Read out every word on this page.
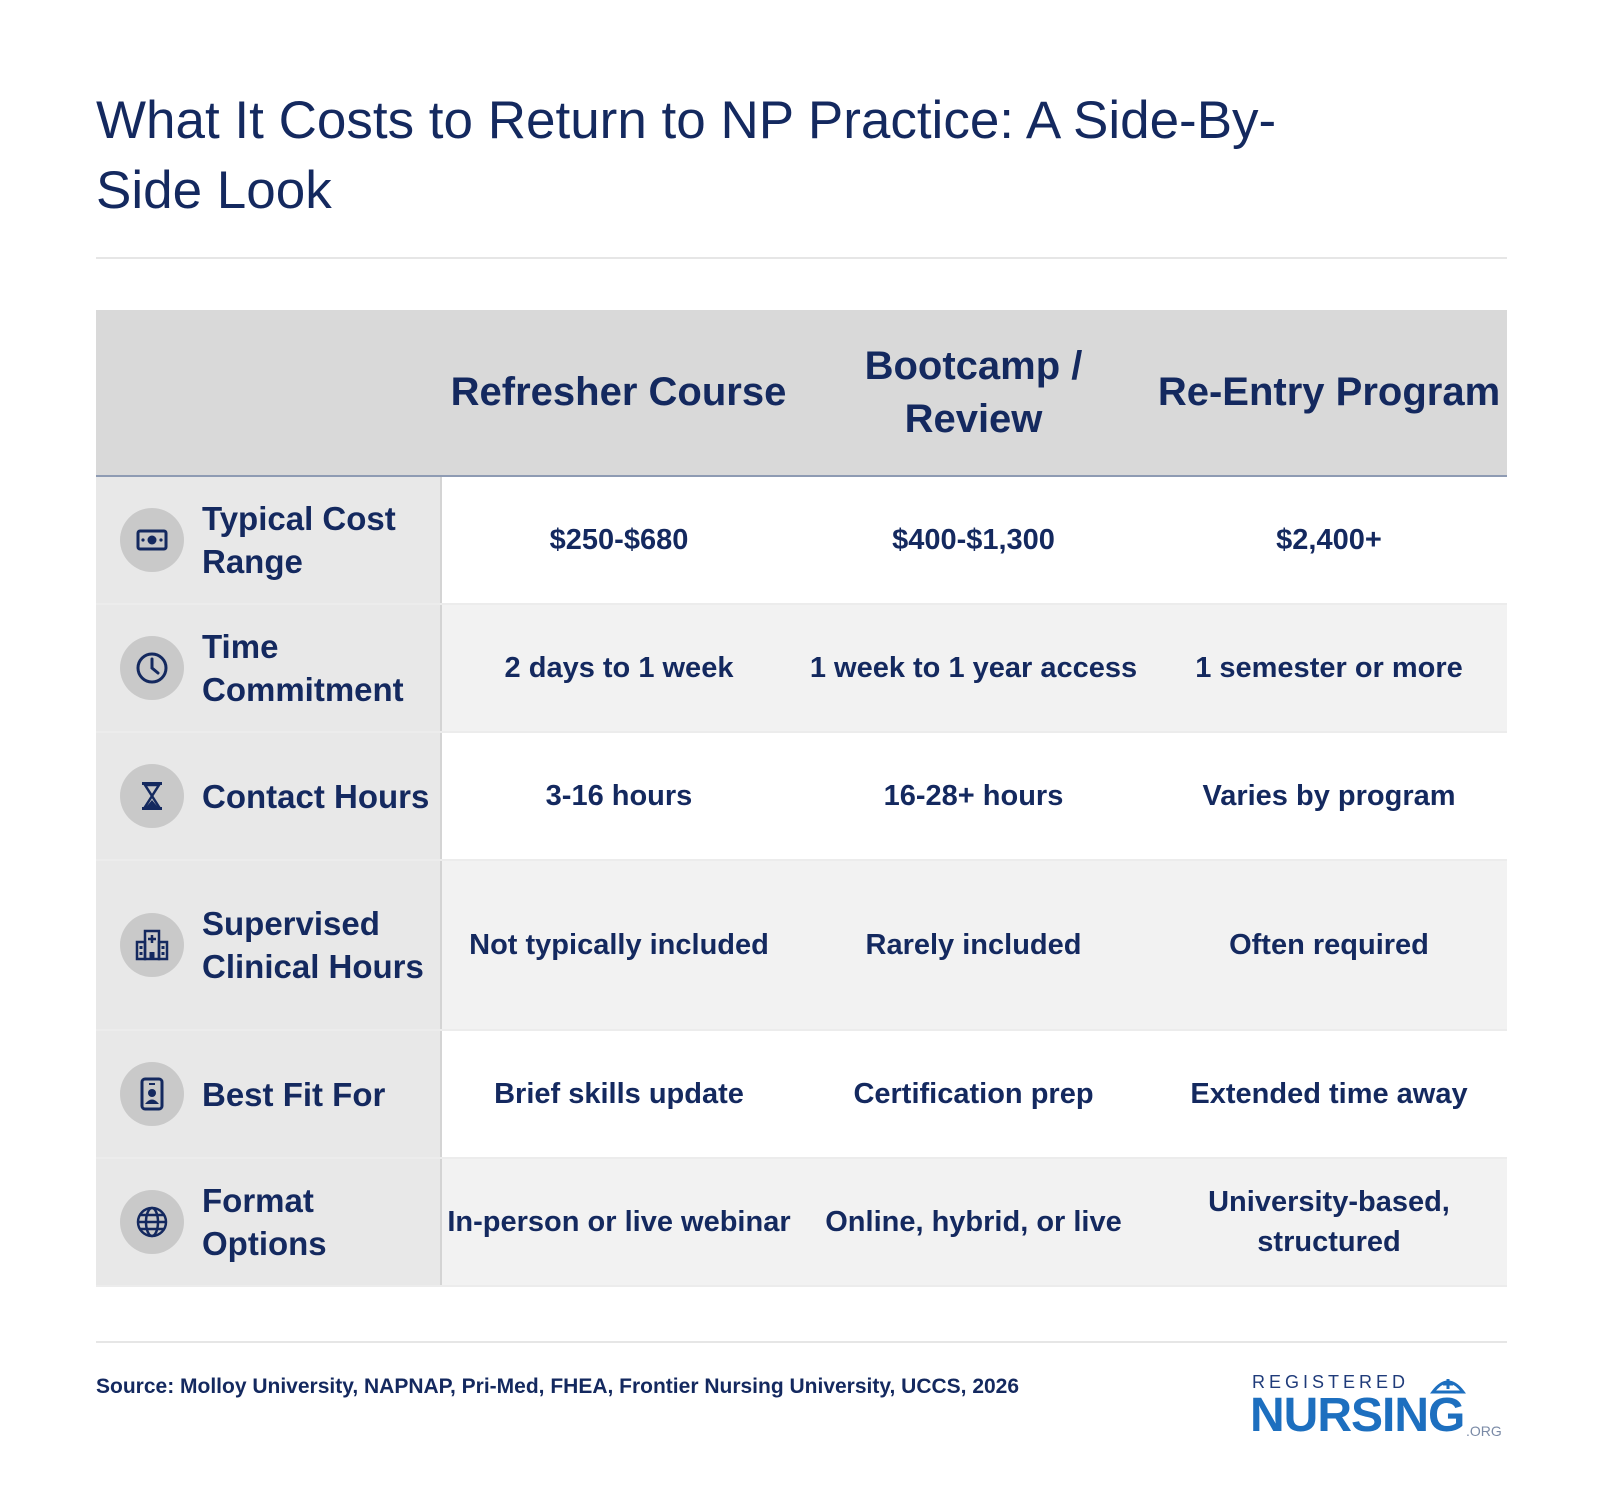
What It Costs to Return to NP Practice: A Side-By-Side Look
	Refresher Course	Bootcamp / Review	Re-Entry Program

Typical Cost Range	$250-$680	$400-$1,300	$2,400+

Time Commitment	2 days to 1 week	1 week to 1 year access	1 semester or more

Contact Hours	3-16 hours	16-28+ hours	Varies by program

Supervised Clinical Hours	Not typically included	Rarely included	Often required

Best Fit For	Brief skills update	Certification prep	Extended time away

Format Options	In-person or live webinar	Online, hybrid, or live	University-based, structured
Source: Molloy University, NAPNAP, Pri-Med, FHEA, Frontier Nursing University, UCCS, 2026	REGISTERED
NURSING .ORG
